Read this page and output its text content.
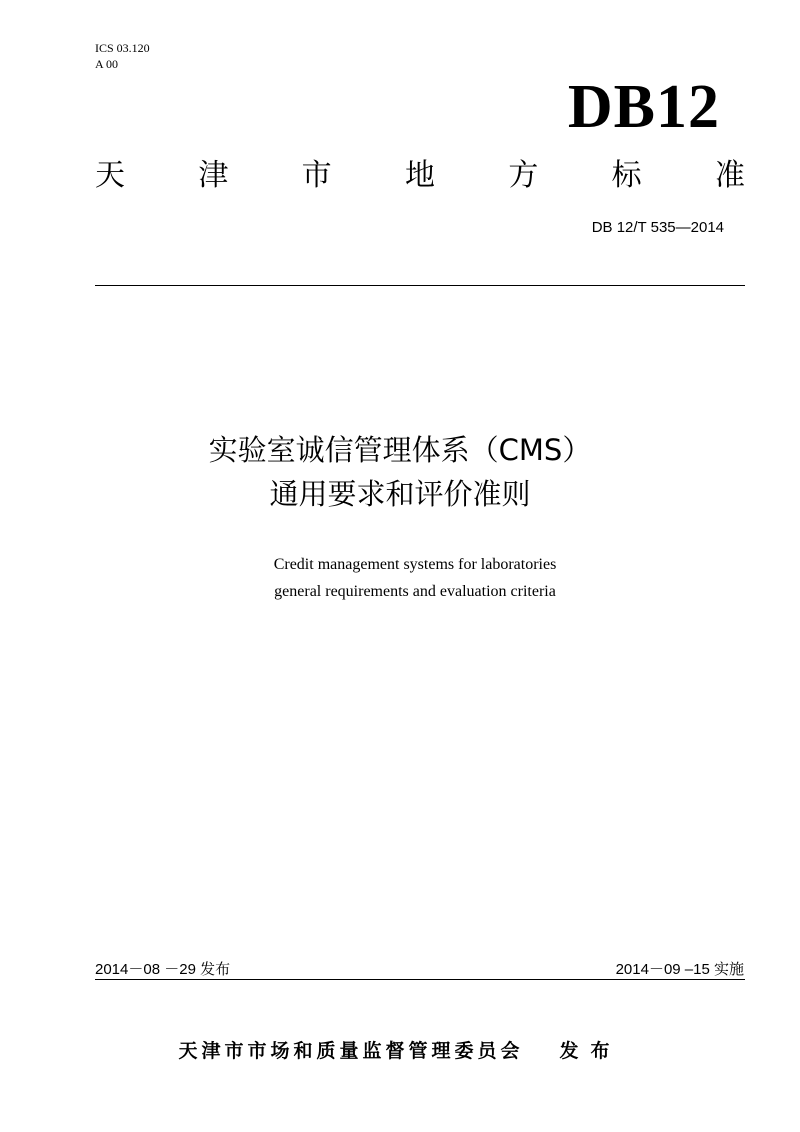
ICS 03.120
A 00
DB12
天 津 市 地 方 标 准
DB 12/T 535—2014
实验室诚信管理体系（CMS）
通用要求和评价准则
Credit management systems for laboratories
general requirements and evaluation criteria
2014－08 －29 发布	2014－09 –15 实施
天津市市场和质量监督管理委员会 发布
